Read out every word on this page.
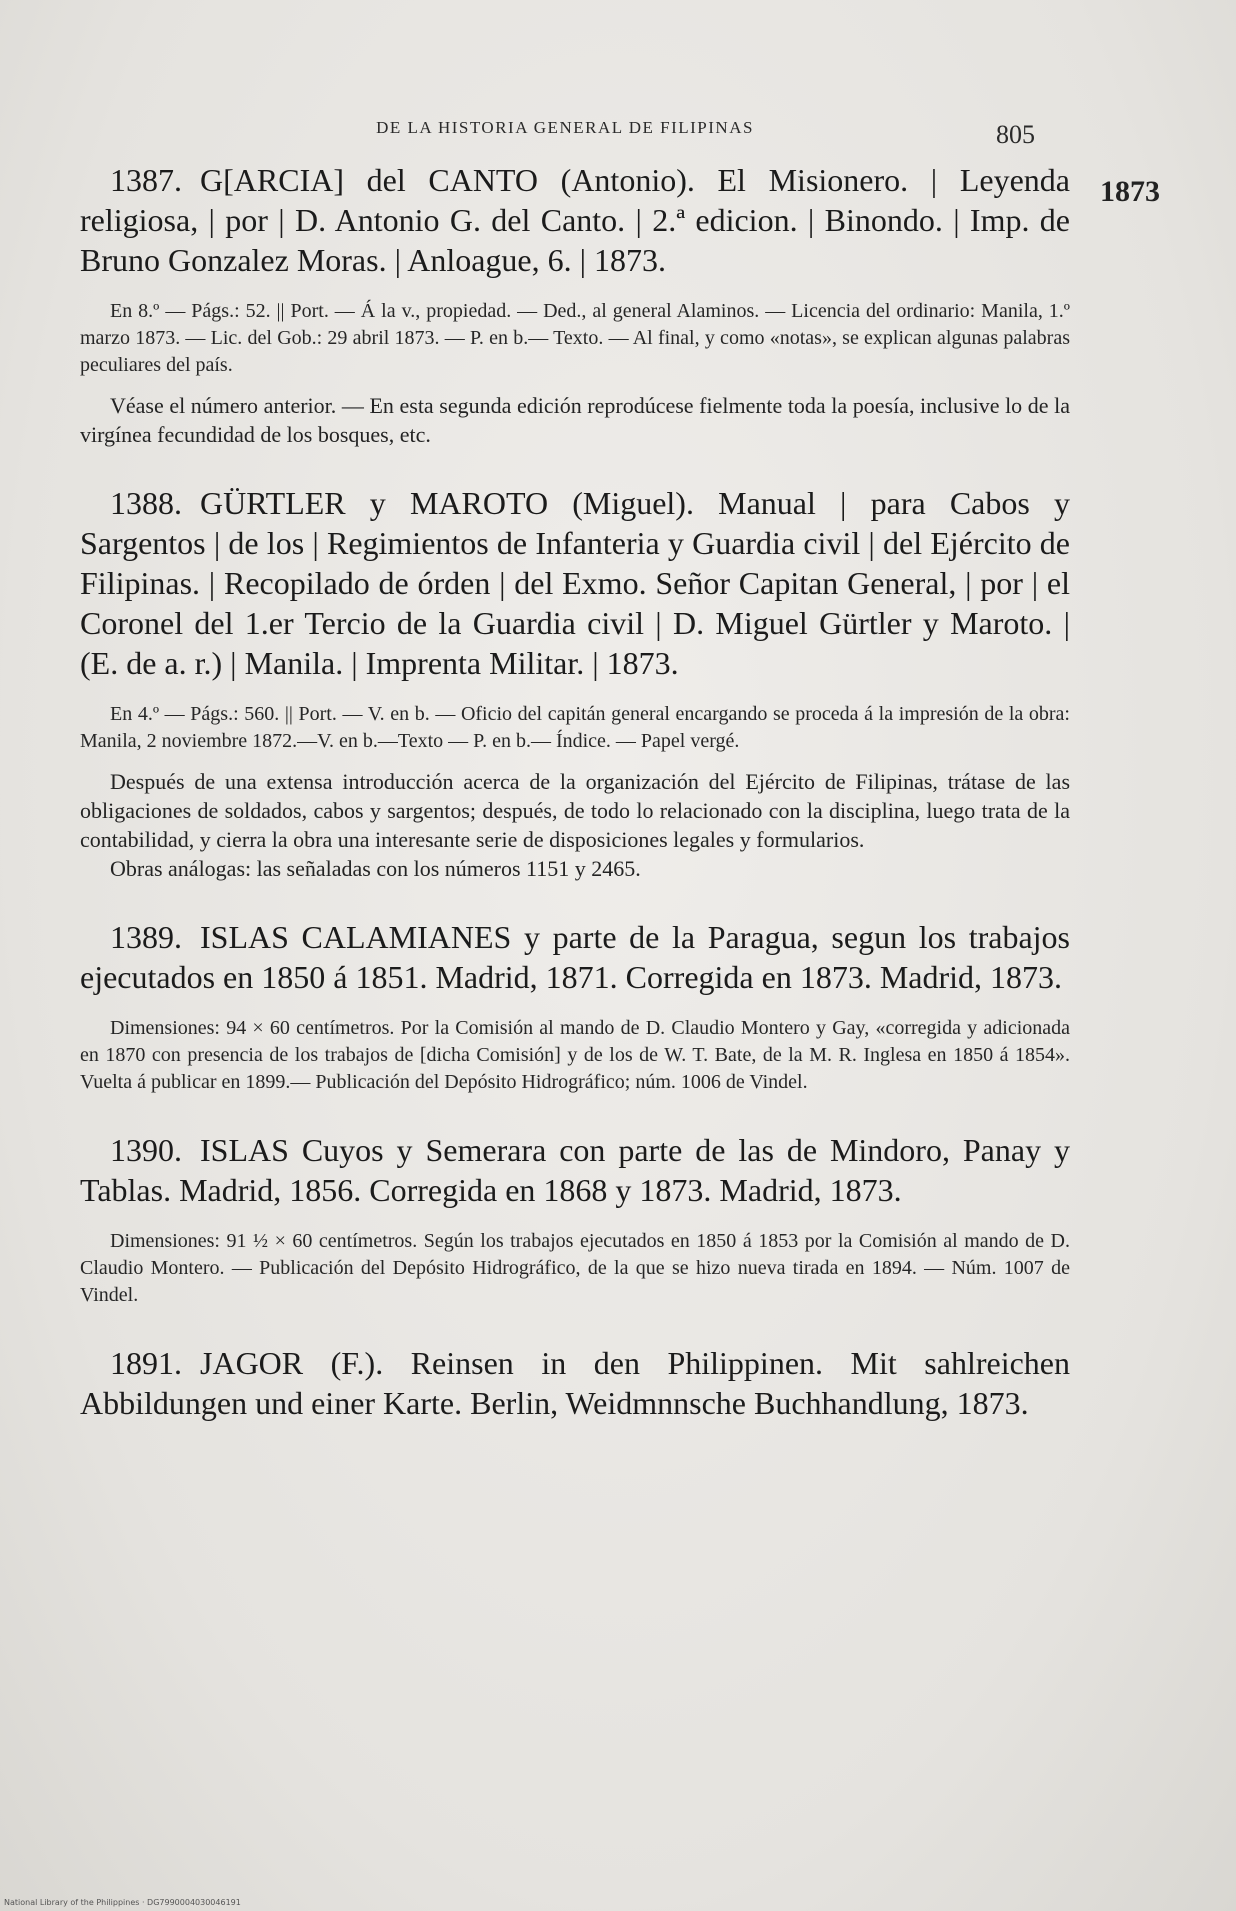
DE LA HISTORIA GENERAL DE FILIPINAS	805
1873

1387. G[ARCIA] del CANTO (Antonio). El Misionero. | Leyenda religiosa, | por | D. Antonio G. del Canto. | 2.ª edicion. | Binondo. | Imp. de Bruno Gonzalez Moras. | Anloague, 6. | 1873.

En 8.º — Págs.: 52. || Port. — Á la v., propiedad. — Ded., al general Alaminos. — Licencia del ordinario: Manila, 1.º marzo 1873. — Lic. del Gob.: 29 abril 1873. — P. en b.— Texto. — Al final, y como «notas», se explican algunas palabras peculiares del país.

Véase el número anterior. — En esta segunda edición reprodúcese fielmente toda la poesía, inclusive lo de la virgínea fecundidad de los bosques, etc.

1388. GÜRTLER y MAROTO (Miguel). Manual | para Cabos y Sargentos | de los | Regimientos de Infanteria y Guardia civil | del Ejército de Filipinas. | Recopilado de órden | del Exmo. Señor Capitan General, | por | el Coronel del 1.er Tercio de la Guardia civil | D. Miguel Gürtler y Maroto. | (E. de a. r.) | Manila. | Imprenta Militar. | 1873.

En 4.º — Págs.: 560. || Port. — V. en b. — Oficio del capitán general encargando se proceda á la impresión de la obra: Manila, 2 noviembre 1872.—V. en b.—Texto — P. en b.— Índice. — Papel vergé.

Después de una extensa introducción acerca de la organización del Ejército de Filipinas, trátase de las obligaciones de soldados, cabos y sargentos; después, de todo lo relacionado con la disciplina, luego trata de la contabilidad, y cierra la obra una interesante serie de disposiciones legales y formularios.

Obras análogas: las señaladas con los números 1151 y 2465.

1389. ISLAS CALAMIANES y parte de la Paragua, segun los trabajos ejecutados en 1850 á 1851. Madrid, 1871. Corregida en 1873. Madrid, 1873.

Dimensiones: 94 × 60 centímetros. Por la Comisión al mando de D. Claudio Montero y Gay, «corregida y adicionada en 1870 con presencia de los trabajos de [dicha Comisión] y de los de W. T. Bate, de la M. R. Inglesa en 1850 á 1854». Vuelta á publicar en 1899.— Publicación del Depósito Hidrográfico; núm. 1006 de Vindel.

1390. ISLAS Cuyos y Semerara con parte de las de Mindoro, Panay y Tablas. Madrid, 1856. Corregida en 1868 y 1873. Madrid, 1873.

Dimensiones: 91 ½ × 60 centímetros. Según los trabajos ejecutados en 1850 á 1853 por la Comisión al mando de D. Claudio Montero. — Publicación del Depósito Hidrográfico, de la que se hizo nueva tirada en 1894. — Núm. 1007 de Vindel.

1891. JAGOR (F.). Reinsen in den Philippinen. Mit sahlreichen Abbildungen und einer Karte. Berlin, Weidmnnsche Buchhandlung, 1873.

National Library of the Philippines · DG7990004030046191
